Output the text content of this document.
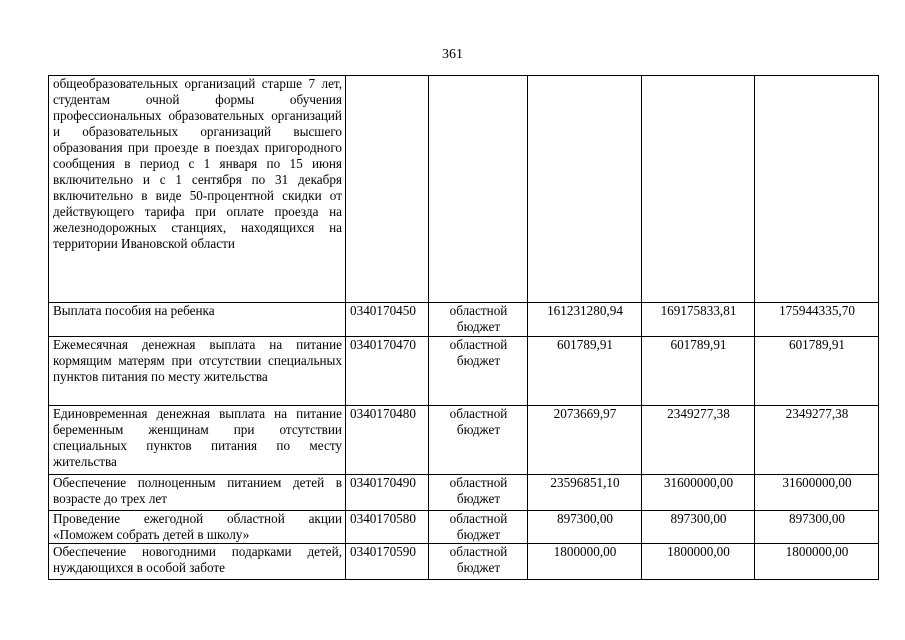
361
общеобразовательных организаций старше 7 лет, студентам очной формы обучения профессиональных образовательных организаций и образовательных организаций высшего образования при проезде в поездах пригородного сообщения в период с 1 января по 15 июня включительно и с 1 сентября по 31 декабря включительно в виде 50-процентной скидки от действующего тарифа при оплате проезда на железнодорожных станциях, находящихся на территории Ивановской области					
Выплата пособия на ребенка	0340170450	областной бюджет	161231280,94	169175833,81	175944335,70
Ежемесячная денежная выплата на питание кормящим матерям при отсутствии специальных пунктов питания по месту жительства	0340170470	областной бюджет	601789,91	601789,91	601789,91
Единовременная денежная выплата на питание беременным женщинам при отсутствии специальных пунктов питания по месту жительства	0340170480	областной бюджет	2073669,97	2349277,38	2349277,38
Обеспечение полноценным питанием детей в возрасте до трех лет	0340170490	областной бюджет	23596851,10	31600000,00	31600000,00
Проведение ежегодной областной акции «Поможем собрать детей в школу»	0340170580	областной бюджет	897300,00	897300,00	897300,00
Обеспечение новогодними подарками детей, нуждающихся в особой заботе	0340170590	областной бюджет	1800000,00	1800000,00	1800000,00
